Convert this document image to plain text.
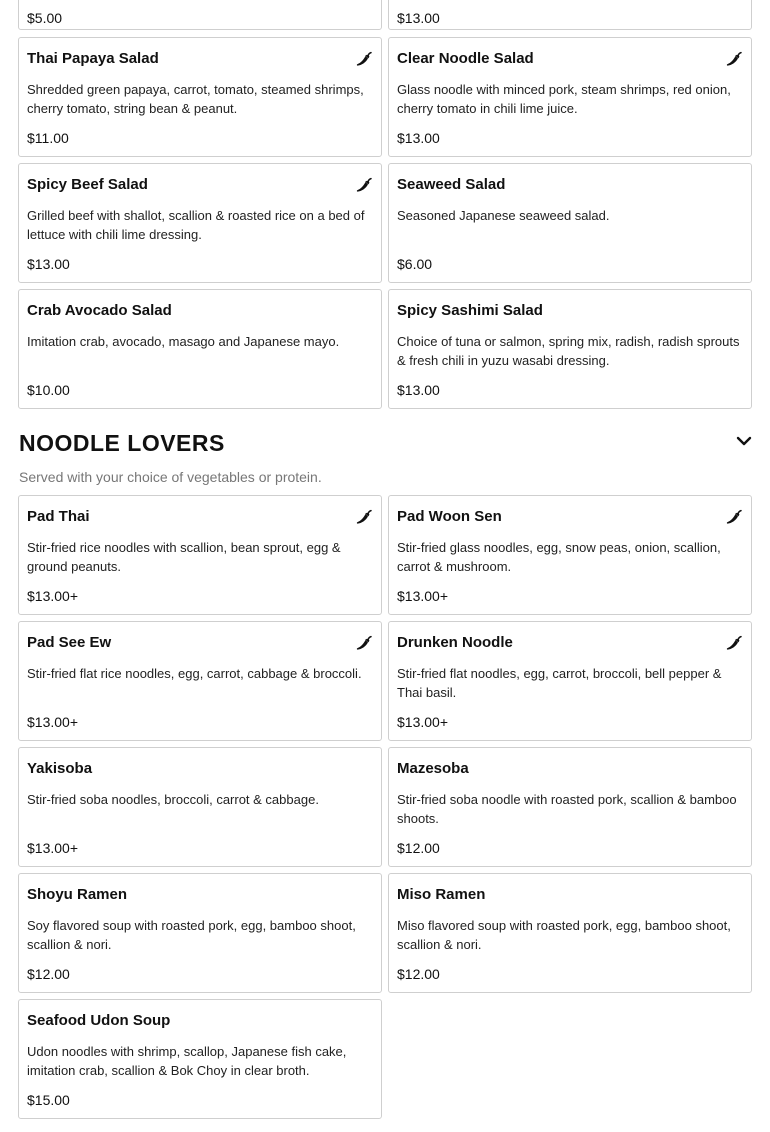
$5.00	$13.00
Thai Papaya Salad
Shredded green papaya, carrot, tomato, steamed shrimps, cherry tomato, string bean & peanut.
$11.00
Clear Noodle Salad
Glass noodle with minced pork, steam shrimps, red onion, cherry tomato in chili lime juice.
$13.00
Spicy Beef Salad
Grilled beef with shallot, scallion & roasted rice on a bed of lettuce with chili lime dressing.
$13.00
Seaweed Salad
Seasoned Japanese seaweed salad.
$6.00
Crab Avocado Salad
Imitation crab, avocado, masago and Japanese mayo.
$10.00
Spicy Sashimi Salad
Choice of tuna or salmon, spring mix, radish, radish sprouts & fresh chili in yuzu wasabi dressing.
$13.00
NOODLE LOVERS
Served with your choice of vegetables or protein.
Pad Thai
Stir-fried rice noodles with scallion, bean sprout, egg & ground peanuts.
$13.00+
Pad Woon Sen
Stir-fried glass noodles, egg, snow peas, onion, scallion, carrot & mushroom.
$13.00+
Pad See Ew
Stir-fried flat rice noodles, egg, carrot, cabbage & broccoli.
$13.00+
Drunken Noodle
Stir-fried flat noodles, egg, carrot, broccoli, bell pepper & Thai basil.
$13.00+
Yakisoba
Stir-fried soba noodles, broccoli, carrot & cabbage.
$13.00+
Mazesoba
Stir-fried soba noodle with roasted pork, scallion & bamboo shoots.
$12.00
Shoyu Ramen
Soy flavored soup with roasted pork, egg, bamboo shoot, scallion & nori.
$12.00
Miso Ramen
Miso flavored soup with roasted pork, egg, bamboo shoot, scallion & nori.
$12.00
Seafood Udon Soup
Udon noodles with shrimp, scallop, Japanese fish cake, imitation crab, scallion & Bok Choy in clear broth.
$15.00
